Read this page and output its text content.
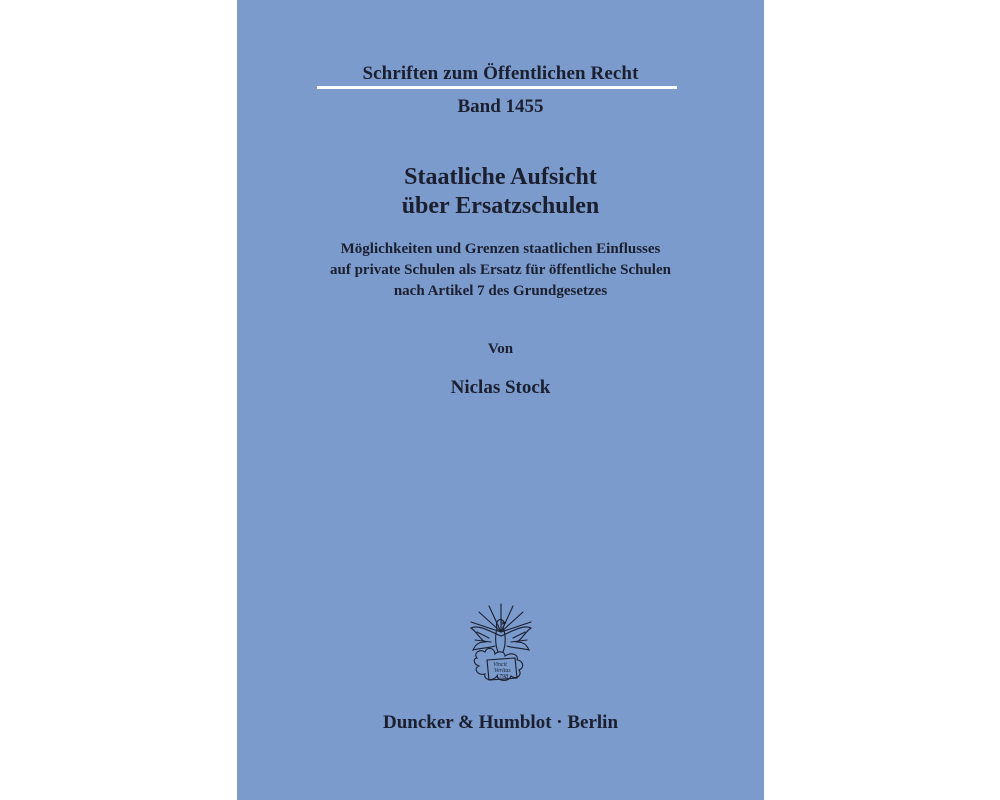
Schriften zum Öffentlichen Recht
Band 1455
Staatliche Aufsicht
über Ersatzschulen
Möglichkeiten und Grenzen staatlichen Einflusses
auf private Schulen als Ersatz für öffentliche Schulen
nach Artikel 7 des Grundgesetzes
Von
Niclas Stock
Vincit
Veritas
1798
Duncker & Humblot · Berlin
